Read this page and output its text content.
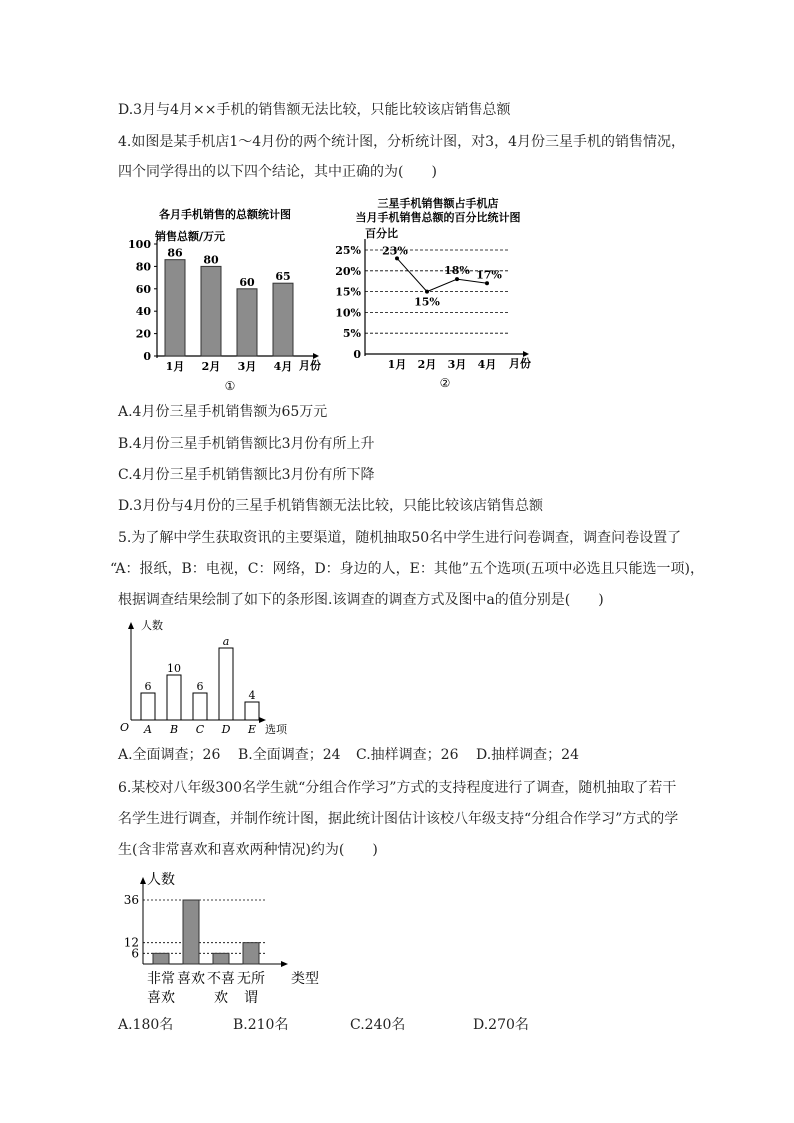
D.3月与4月××手机的销售额无法比较，只能比较该店销售总额
4.如图是某手机店1～4月份的两个统计图，分析统计图，对3，4月份三星手机的销售情况，
四个同学得出的以下四个结论，其中正确的为(　　)
各月手机销售的总额统计图
销售总额/万元
月份
①
0
20
40
60
80
100
86
1月
80
2月
60
3月
65
4月
三星手机销售额占手机店
当月手机销售总额的百分比统计图
百分比
月份
②
0
5%
10%
15%
20%
25% 23%
1月
15%
2月
18%
3月
17%
4月
A.4月份三星手机销售额为65万元
B.4月份三星手机销售额比3月份有所上升
C.4月份三星手机销售额比3月份有所下降
D.3月份与4月份的三星手机销售额无法比较，只能比较该店销售总额
5.为了解中学生获取资讯的主要渠道，随机抽取50名中学生进行问卷调查，调查问卷设置了
“A：报纸，B：电视，C：网络，D：身边的人，E：其他”五个选项(五项中必选且只能选一项)，
根据调查结果绘制了如下的条形图.该调查的调查方式及图中a的值分别是(　　)
人数
选项
O
6
A
10
B
6
C
a
D
4
E
A.全面调查；26 B.全面调查；24 C.抽样调查；26 D.抽样调查；24
6.某校对八年级300名学生就“分组合作学习”方式的支持程度进行了调查，随机抽取了若干
名学生进行调查，并制作统计图，据此统计图估计该校八年级支持“分组合作学习”方式的学
生(含非常喜欢和喜欢两种情况)约为(　　)
人数
类型
6
12
36
非常
喜欢
喜欢 不喜
欢
无所
谓
A.180名	B.210名	C.240名	D.270名
